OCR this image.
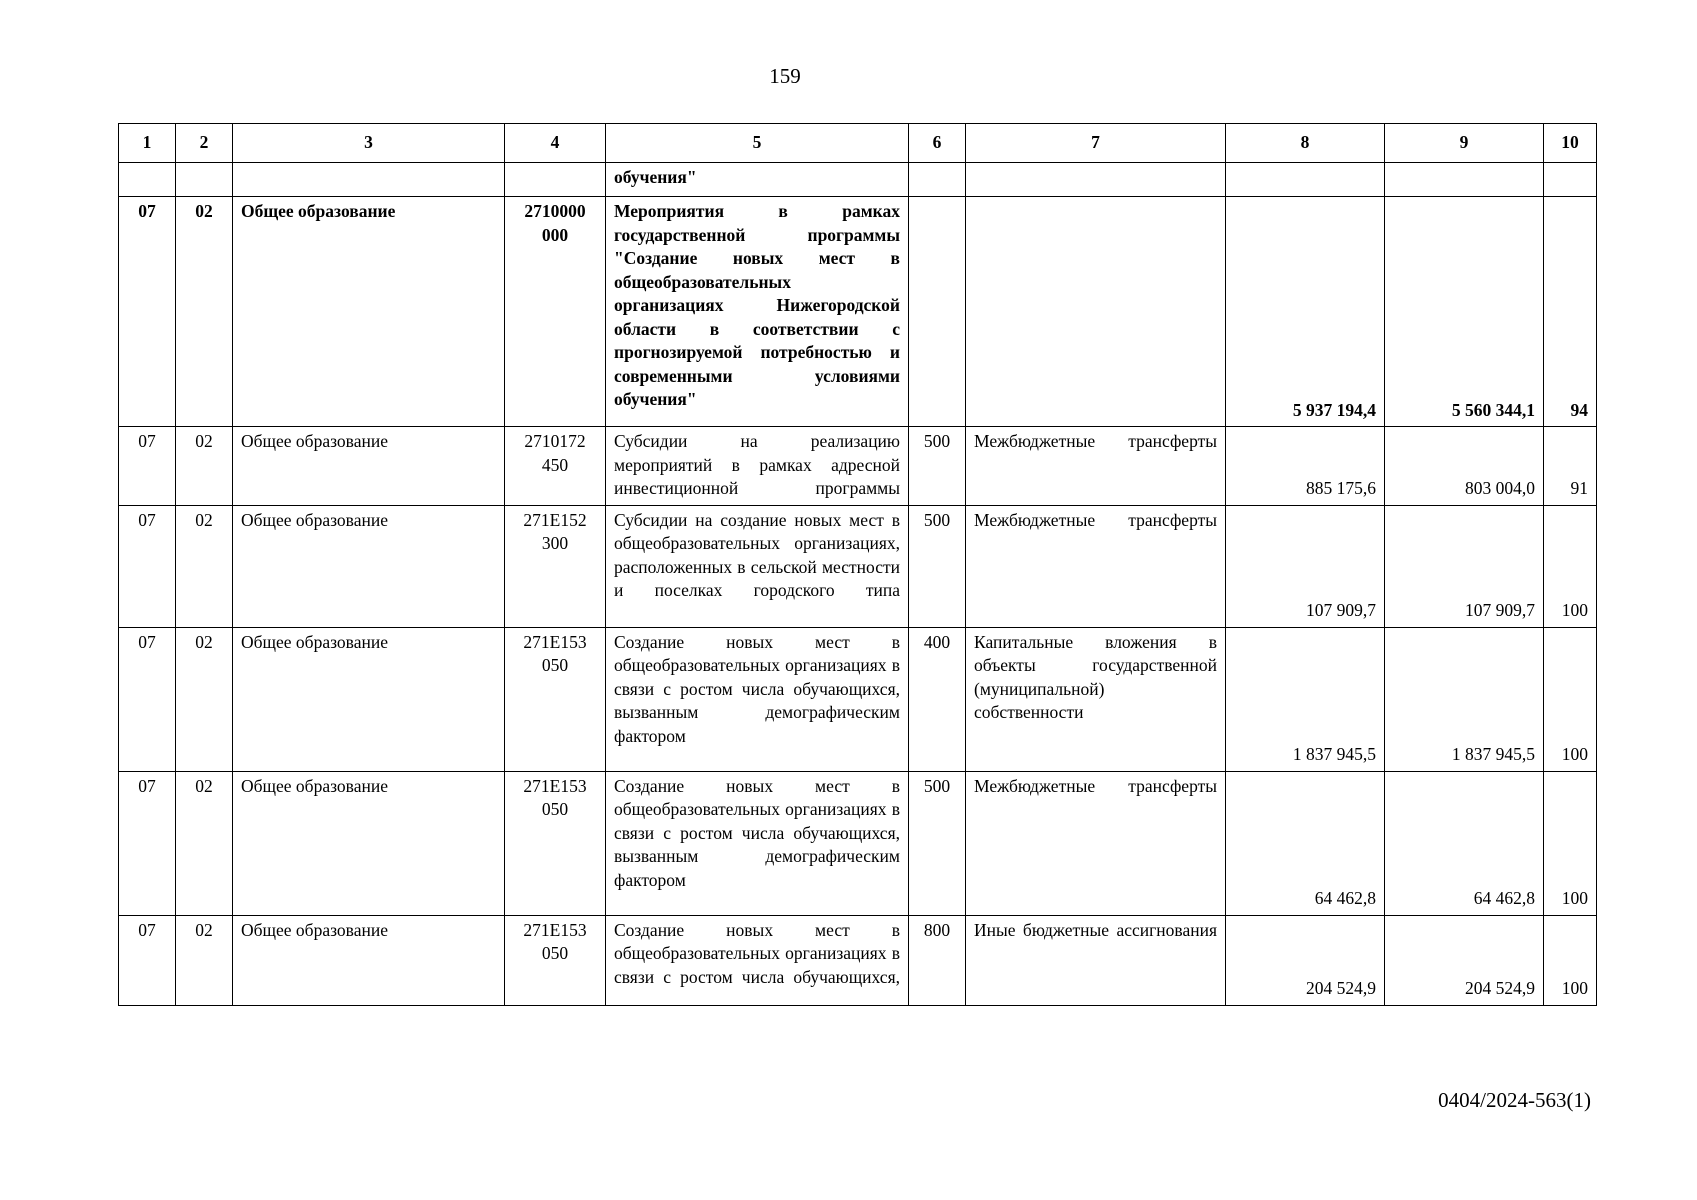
159
1	2	3	4	5	6	7	8	9	10
				обучения"					
07	02	Общее образование	2710000 000	Мероприятия в рамках государственной программы "Создание новых мест в общеобразовательных организациях Нижегородской области в соответствии с прогнозируемой потребностью и современными условиями обучения"			5 937 194,4	5 560 344,1	94
07	02	Общее образование	2710172 450	Субсидии на реализацию мероприятий в рамках адресной инвестиционной программы	500	Межбюджетные трансферты	885 175,6	803 004,0	91
07	02	Общее образование	271E152 300	Субсидии на создание новых мест в общеобразовательных организациях, расположенных в сельской местности и поселках городского типа	500	Межбюджетные трансферты	107 909,7	107 909,7	100
07	02	Общее образование	271E153 050	Создание новых мест в общеобразовательных организациях в связи с ростом числа обучающихся, вызванным демографическим фактором	400	Капитальные вложения в объекты государственной (муниципальной) собственности	1 837 945,5	1 837 945,5	100
07	02	Общее образование	271E153 050	Создание новых мест в общеобразовательных организациях в связи с ростом числа обучающихся, вызванным демографическим фактором	500	Межбюджетные трансферты	64 462,8	64 462,8	100
07	02	Общее образование	271E153 050	Создание новых мест в общеобразовательных организациях в связи с ростом числа обучающихся,	800	Иные бюджетные ассигнования	204 524,9	204 524,9	100
0404/2024-563(1)
